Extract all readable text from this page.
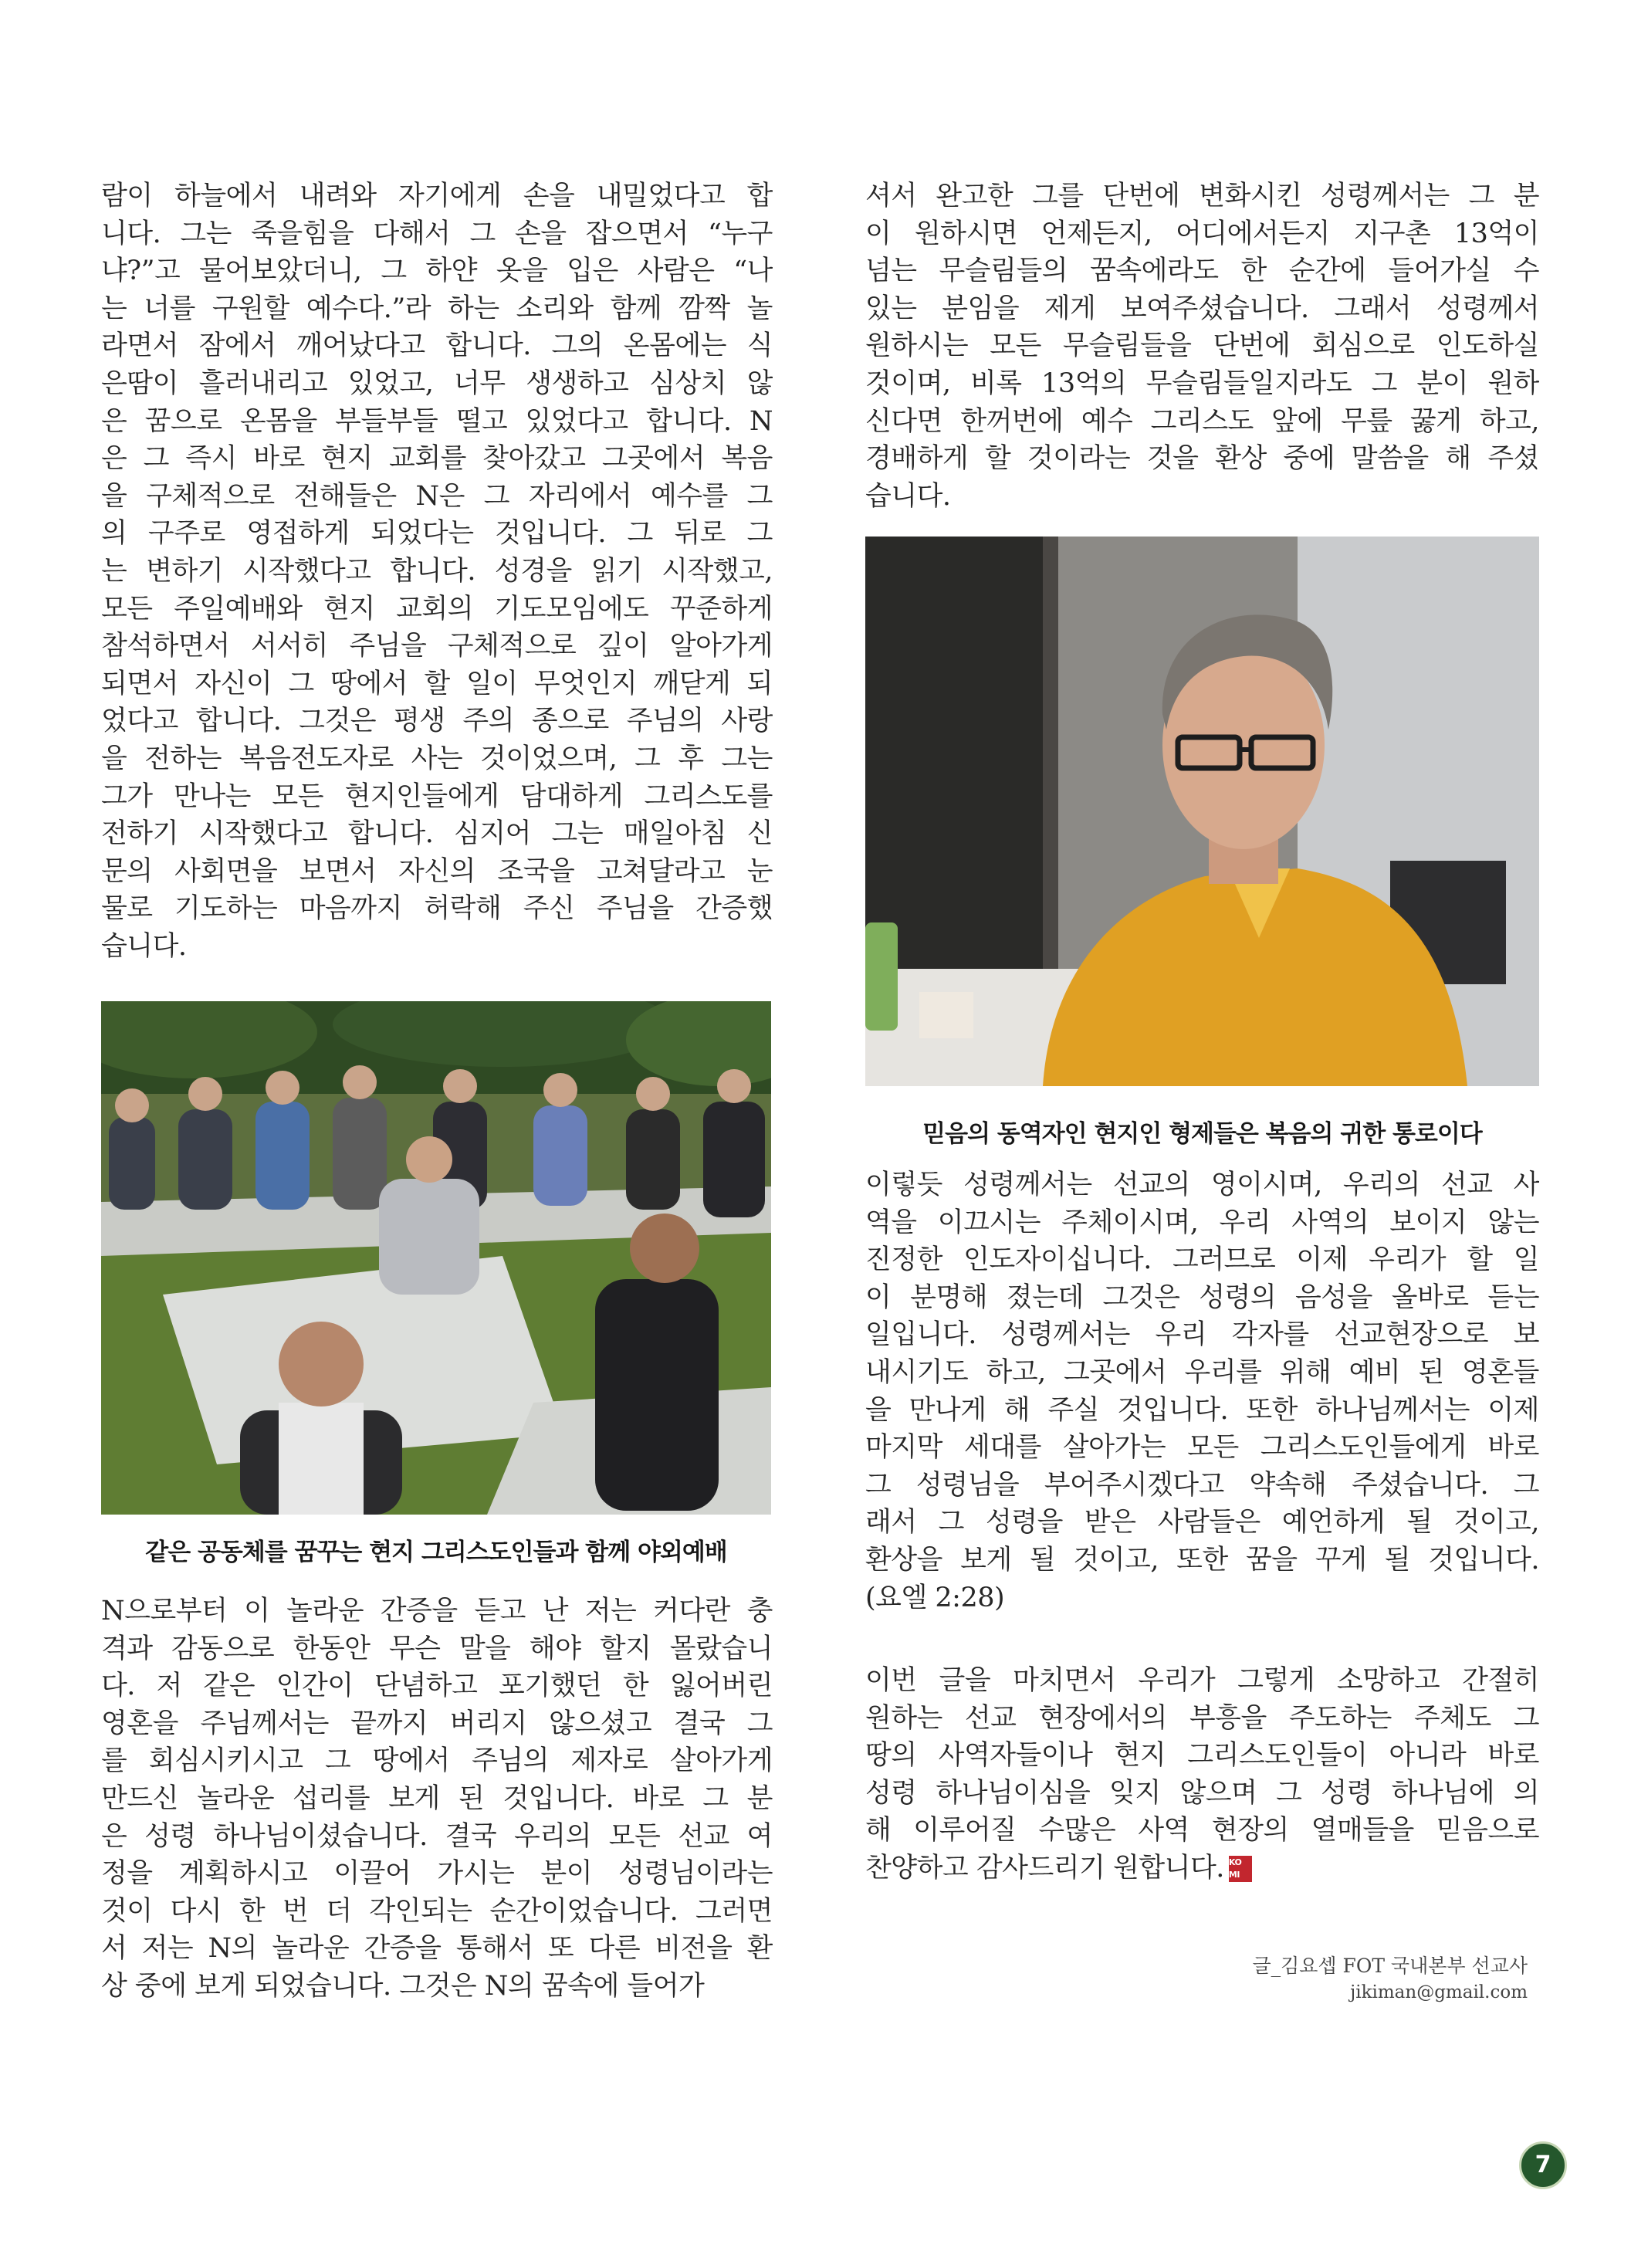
람이 하늘에서 내려와 자기에게 손을 내밀었다고 합
니다. 그는 죽을힘을 다해서 그 손을 잡으면서 “누구
냐?”고 물어보았더니, 그 하얀 옷을 입은 사람은 “나
는 너를 구원할 예수다.”라 하는 소리와 함께 깜짝 놀
라면서 잠에서 깨어났다고 합니다. 그의 온몸에는 식
은땀이 흘러내리고 있었고, 너무 생생하고 심상치 않
은 꿈으로 온몸을 부들부들 떨고 있었다고 합니다. N
은 그 즉시 바로 현지 교회를 찾아갔고 그곳에서 복음
을 구체적으로 전해들은 N은 그 자리에서 예수를 그
의 구주로 영접하게 되었다는 것입니다. 그 뒤로 그
는 변하기 시작했다고 합니다. 성경을 읽기 시작했고,
모든 주일예배와 현지 교회의 기도모임에도 꾸준하게
참석하면서 서서히 주님을 구체적으로 깊이 알아가게
되면서 자신이 그 땅에서 할 일이 무엇인지 깨닫게 되
었다고 합니다. 그것은 평생 주의 종으로 주님의 사랑
을 전하는 복음전도자로 사는 것이었으며, 그 후 그는
그가 만나는 모든 현지인들에게 담대하게 그리스도를
전하기 시작했다고 합니다. 심지어 그는 매일아침 신
문의 사회면을 보면서 자신의 조국을 고쳐달라고 눈
물로 기도하는 마음까지 허락해 주신 주님을 간증했
습니다.
같은 공동체를 꿈꾸는 현지 그리스도인들과 함께 야외예배
N으로부터 이 놀라운 간증을 듣고 난 저는 커다란 충
격과 감동으로 한동안 무슨 말을 해야 할지 몰랐습니
다. 저 같은 인간이 단념하고 포기했던 한 잃어버린
영혼을 주님께서는 끝까지 버리지 않으셨고 결국 그
를 회심시키시고 그 땅에서 주님의 제자로 살아가게
만드신 놀라운 섭리를 보게 된 것입니다. 바로 그 분
은 성령 하나님이셨습니다. 결국 우리의 모든 선교 여
정을 계획하시고 이끌어 가시는 분이 성령님이라는
것이 다시 한 번 더 각인되는 순간이었습니다. 그러면
서 저는 N의 놀라운 간증을 통해서 또 다른 비전을 환
상 중에 보게 되었습니다. 그것은 N의 꿈속에 들어가
셔서 완고한 그를 단번에 변화시킨 성령께서는 그 분
이 원하시면 언제든지, 어디에서든지 지구촌 13억이
넘는 무슬림들의 꿈속에라도 한 순간에 들어가실 수
있는 분임을 제게 보여주셨습니다. 그래서 성령께서
원하시는 모든 무슬림들을 단번에 회심으로 인도하실
것이며, 비록 13억의 무슬림들일지라도 그 분이 원하
신다면 한꺼번에 예수 그리스도 앞에 무릎 꿇게 하고,
경배하게 할 것이라는 것을 환상 중에 말씀을 해 주셨
습니다.
믿음의 동역자인 현지인 형제들은 복음의 귀한 통로이다
이렇듯 성령께서는 선교의 영이시며, 우리의 선교 사
역을 이끄시는 주체이시며, 우리 사역의 보이지 않는
진정한 인도자이십니다. 그러므로 이제 우리가 할 일
이 분명해 졌는데 그것은 성령의 음성을 올바로 듣는
일입니다. 성령께서는 우리 각자를 선교현장으로 보
내시기도 하고, 그곳에서 우리를 위해 예비 된 영혼들
을 만나게 해 주실 것입니다. 또한 하나님께서는 이제
마지막 세대를 살아가는 모든 그리스도인들에게 바로
그 성령님을 부어주시겠다고 약속해 주셨습니다. 그
래서 그 성령을 받은 사람들은 예언하게 될 것이고,
환상을 보게 될 것이고, 또한 꿈을 꾸게 될 것입니다.
(요엘 2:28)
이번 글을 마치면서 우리가 그렇게 소망하고 간절히
원하는 선교 현장에서의 부흥을 주도하는 주체도 그
땅의 사역자들이나 현지 그리스도인들이 아니라 바로
성령 하나님이심을 잊지 않으며 그 성령 하나님에 의
해 이루어질 수많은 사역 현장의 열매들을 믿음으로
찬양하고 감사드리기 원합니다. KO
MI
글_김요셉 FOT 국내본부 선교사
jikiman@gmail.com
7
